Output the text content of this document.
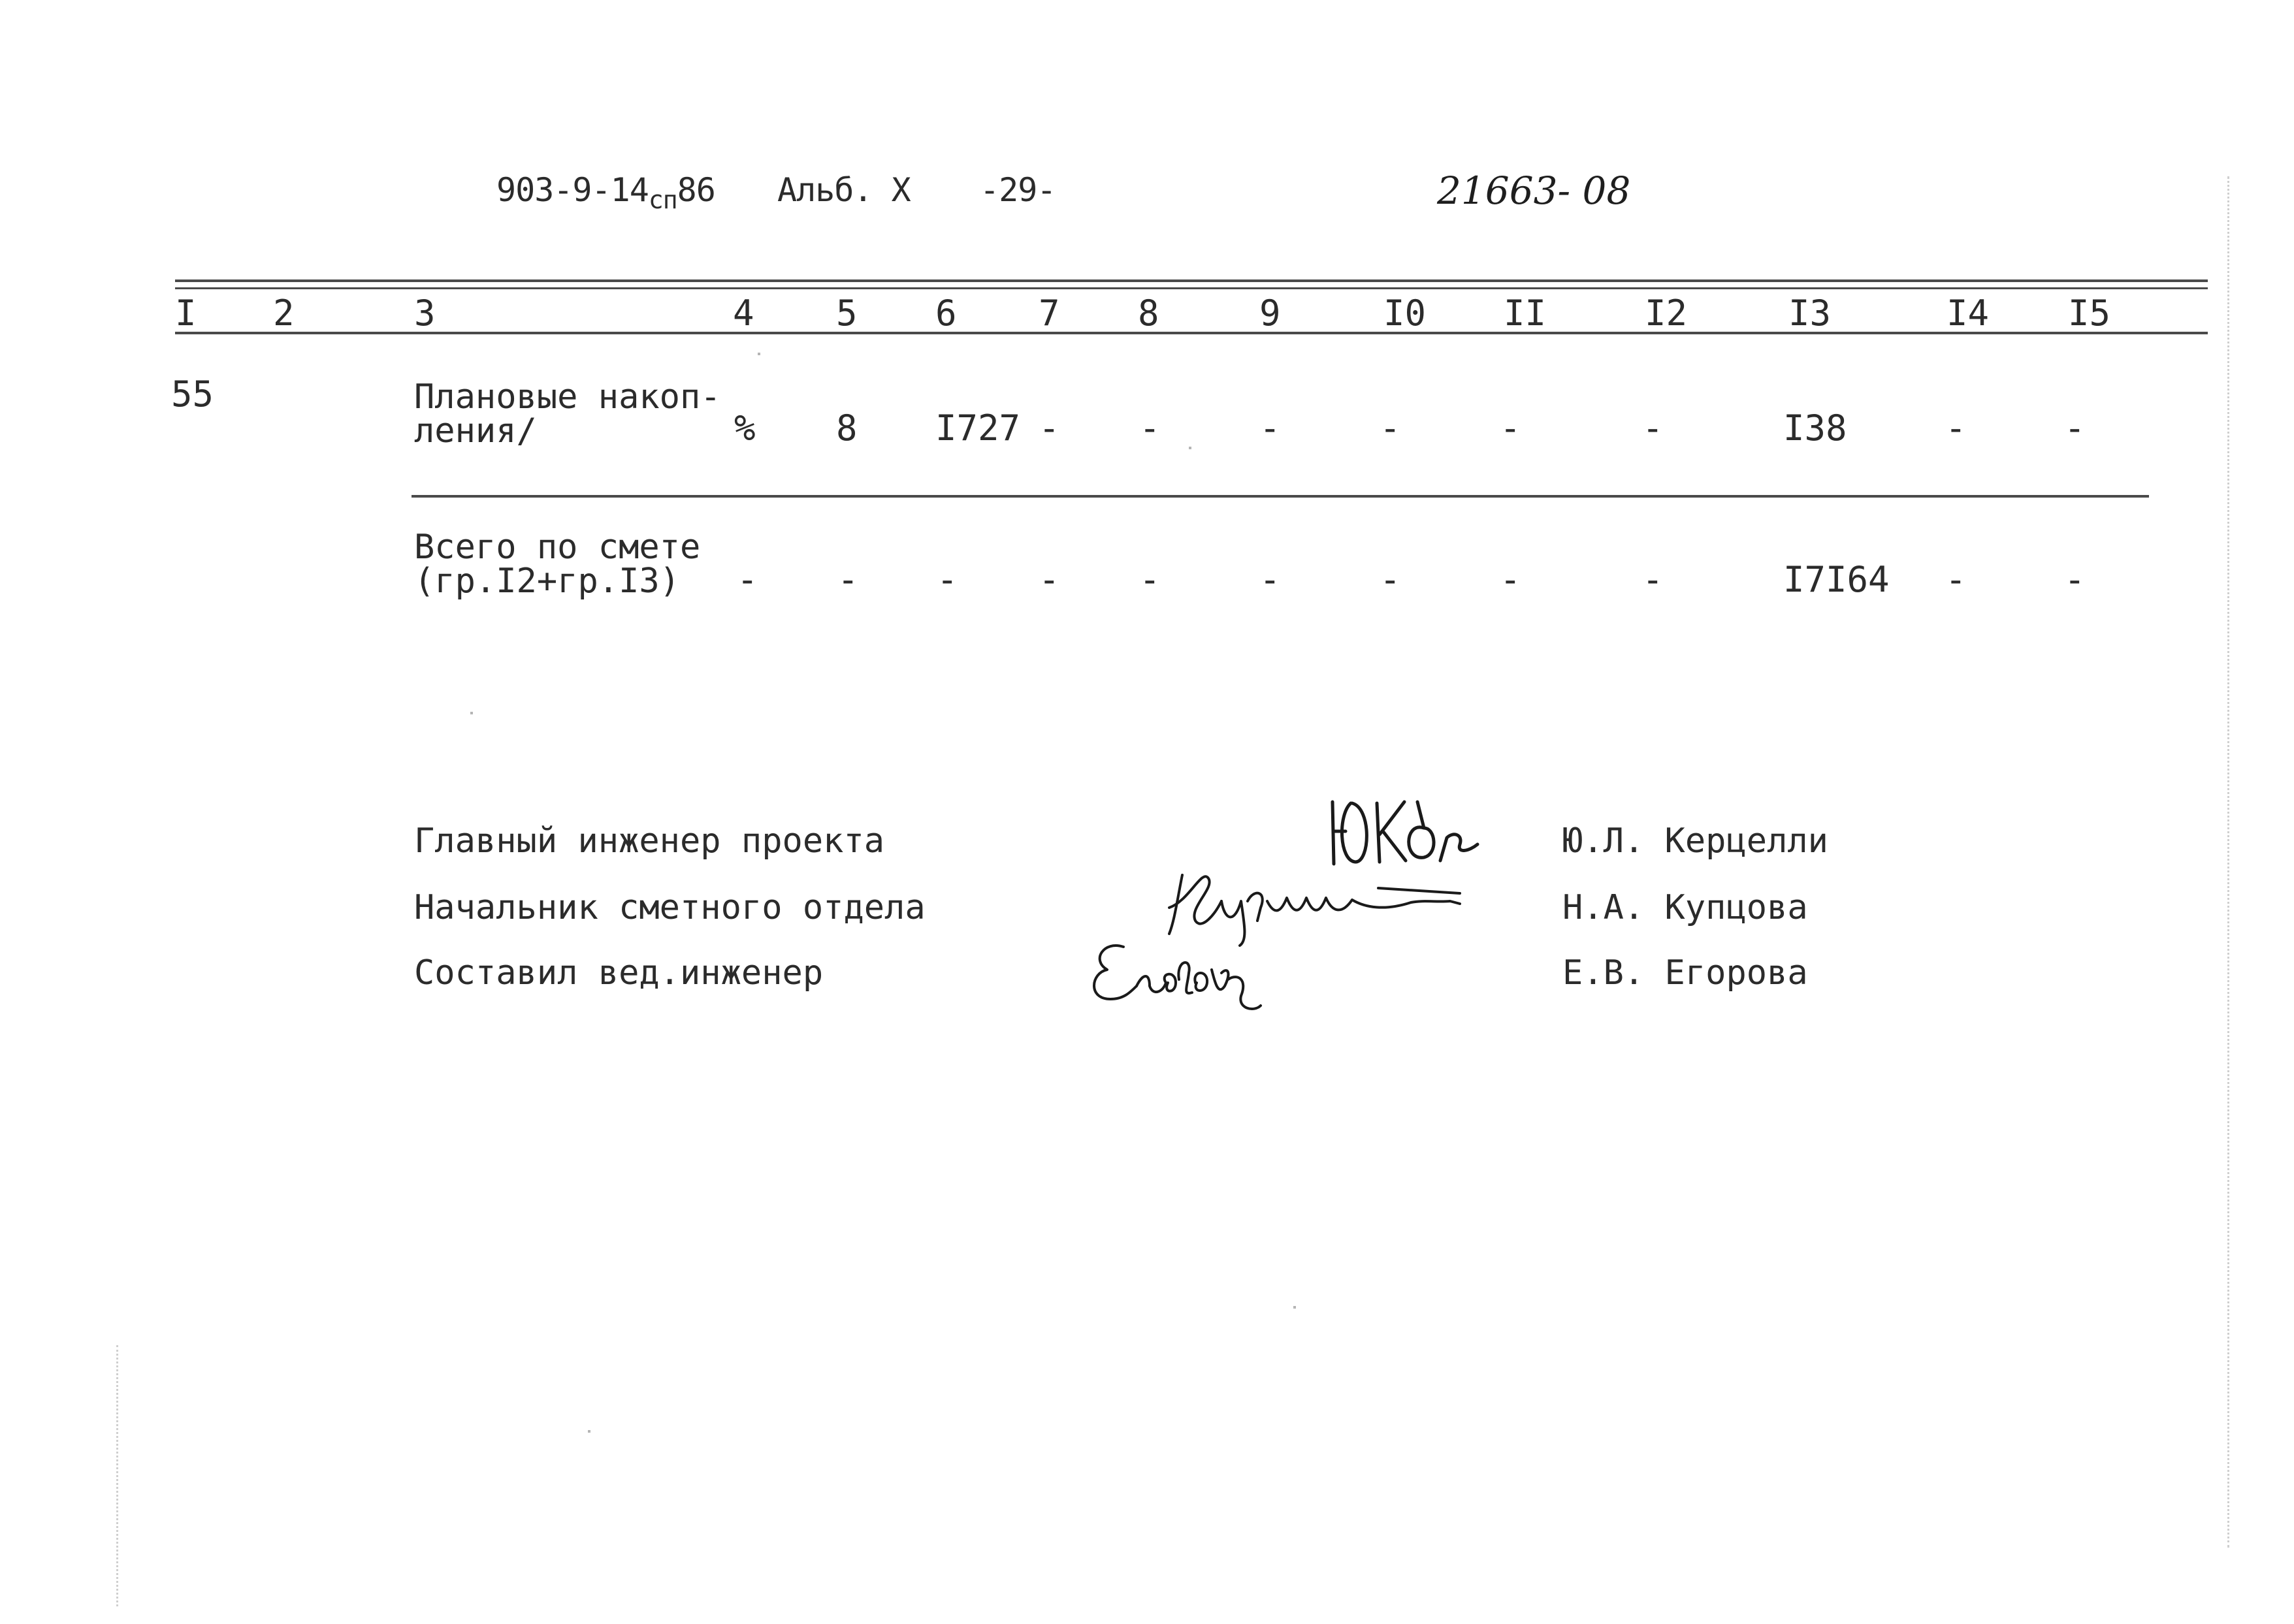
$903-9-14_{сп}86$ Альб. X -29-	21663- 08
I 2	3	4 5 6 7 8	9	I0 II	I2	I3	I4 I5
55	Плановые накоп-
ления/	% 8 I727 - -	-	-	-	-	I38	-	-
Всего по смете
(гр.I2+гр.I3) - - - - -	-	-	-	-	I7I64 -	-
Главный инженер проекта	Ю.Л. Керцелли
Начальник сметного отдела	Н.А. Купцова
Составил вед.инженер	Е.В. Егорова
